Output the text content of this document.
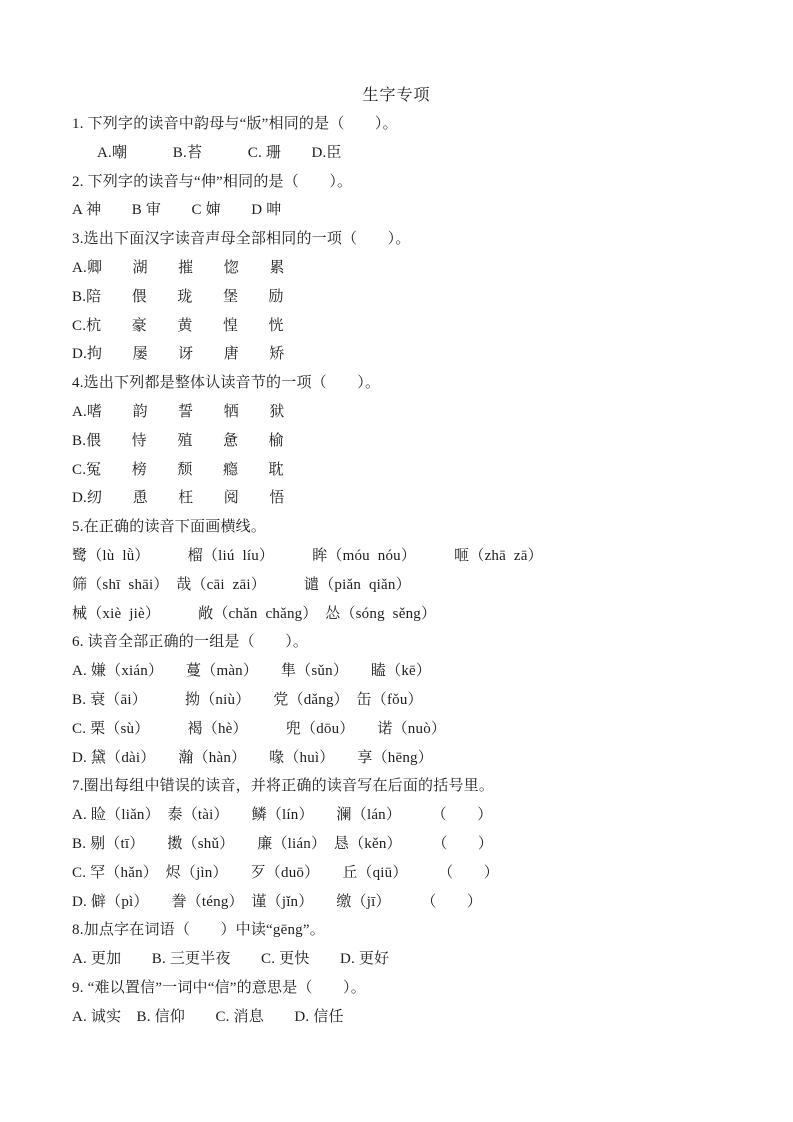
生字专项
1. 下列字的读音中韵母与“版”相同的是（　　）。
A.嘲　　　B.苔　　　C. 珊　　D.臣
2. 下列字的读音与“伸”相同的是（　　）。
A 神　　B 审　　C 婶　　D 呻
3.选出下面汉字读音声母全部相同的一项（　　）。
A.卿　　湖　　摧　　惚　　累
B.陪　　偎　　珑　　堡　　励
C.杭　　豪　　黄　　惶　　恍
D.拘　　屡　　讶　　唐　　矫
4.选出下列都是整体认读音节的一项（　　）。
A.嗜　　韵　　誓　　牺　　狱
B.偎　　恃　　殖　　惫　　榆
C.冤　　榜　　颓　　瘾　　耽
D.纫　　恿　　枉　　阅　　悟
5.在正确的读音下面画横线。
鹭（lù  lǜ）　　　榴（liú  líu）　　　眸（móu  nóu）　　　咂（zhā  zā）
筛（shī  shāi）　哉（cāi  zāi）　　　谴（piǎn  qiǎn）
械（xiè  jiè）　　　敞（chǎn  chǎng）　怂（sóng  sěng）
6. 读音全部正确的一组是（　　）。
A. 嫌（xián）　　蔓（màn）　　隼（sǔn）　　瞌（kē）
B. 衰（āi）　　　拗（niù）　　党（dǎng）　缶（fǒu）
C. 栗（sù）　　　褐（hè）　　　兜（dōu）　　诺（nuò）
D. 黛（dài）　　瀚（hàn）　　喙（huì）　　享（hēng）
7.圈出每组中错误的读音，并将正确的读音写在后面的括号里。
A. 睑（liǎn）　泰（tài）　　鳞（lín）　　澜（lán）　　　（　　）
B. 剔（tī）　　擞（shǔ）　　廉（lián）　恳（kěn）　　　（　　）
C. 罕（hǎn）　烬（jìn）　　歹（duō）　　丘（qiū）　　　（　　）
D. 僻（pì）　　誊（téng）　谨（jǐn）　　缴（jī）　　　（　　）
8.加点字在词语（　　）中读“gēng”。
A. 更加　　B. 三更半夜　　C. 更快　　D. 更好
9. “难以置信”一词中“信”的意思是（　　）。
A. 诚实　B. 信仰　　C. 消息　　D. 信任
